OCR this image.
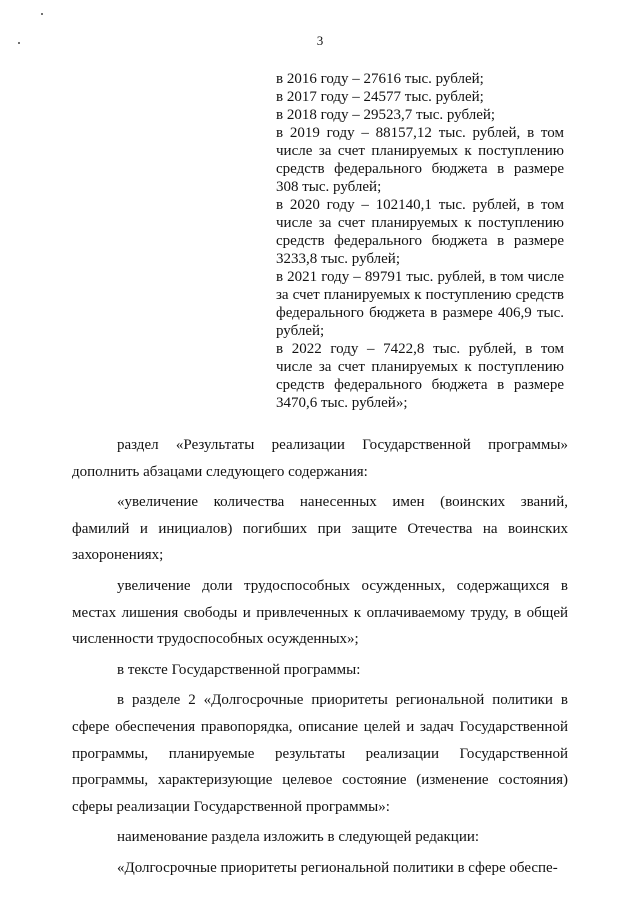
3

в 2016 году – 27616 тыс. рублей;

в 2017 году – 24577 тыс. рублей;

в 2018 году – 29523,7 тыс. рублей;

в 2019 году – 88157,12 тыс. рублей, в том числе за счет планируемых к поступлению средств федерального бюджета в размере 308 тыс. рублей;

в 2020 году – 102140,1 тыс. рублей, в том числе за счет планируемых к поступлению средств федерального бюджета в размере 3233,8 тыс. рублей;

в 2021 году – 89791 тыс. рублей, в том числе за счет планируемых к поступлению средств федерального бюджета в размере 406,9 тыс. рублей;

в 2022 году – 7422,8 тыс. рублей, в том числе за счет планируемых к поступлению средств федерального бюджета в размере 3470,6 тыс. рублей»;

раздел «Результаты реализации Государственной программы» дополнить абзацами следующего содержания:

«увеличение количества нанесенных имен (воинских званий, фамилий и инициалов) погибших при защите Отечества на воинских захоронениях;

увеличение доли трудоспособных осужденных, содержащихся в местах лишения свободы и привлеченных к оплачиваемому труду, в общей численности трудоспособных осужденных»;

в тексте Государственной программы:

в разделе 2 «Долгосрочные приоритеты региональной политики в сфере обеспечения правопорядка, описание целей и задач Государственной программы, планируемые результаты реализации Государственной программы, характеризующие целевое состояние (изменение состояния) сферы реализации Государственной программы»:

наименование раздела изложить в следующей редакции:

«Долгосрочные приоритеты региональной политики в сфере обеспе-
